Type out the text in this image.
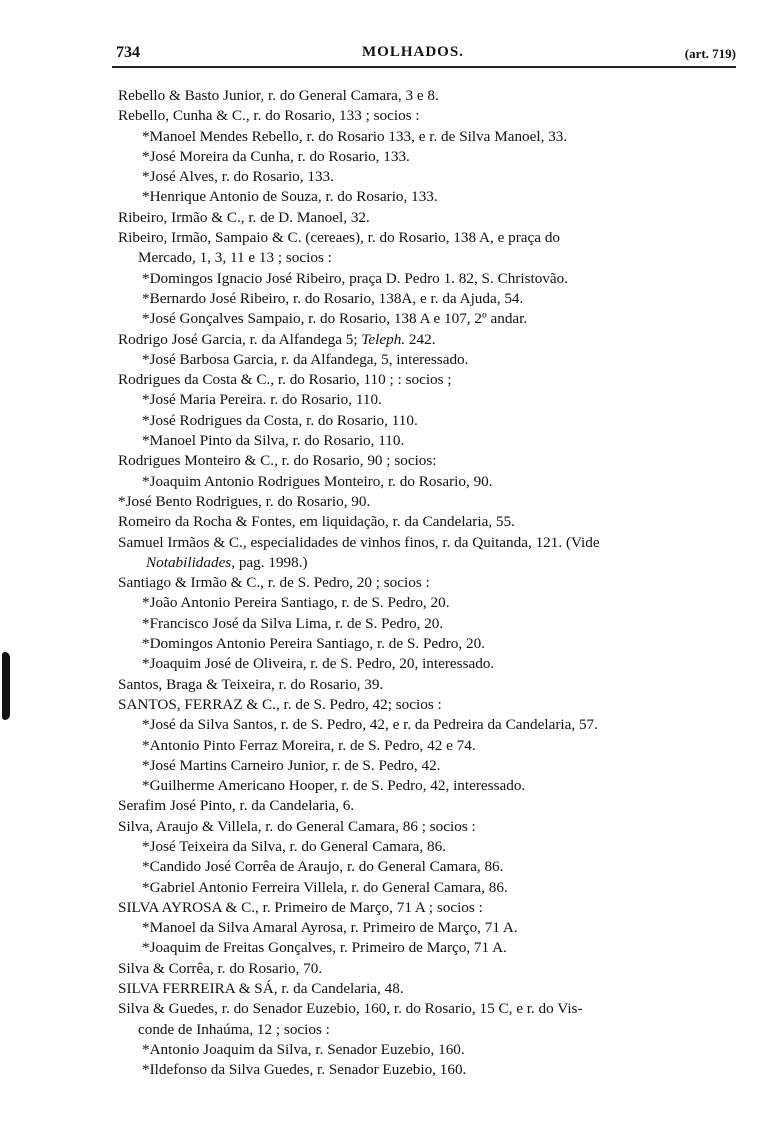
734	MOLHADOS.	(art. 719)
Rebello & Basto Junior, r. do General Camara, 3 e 8.
Rebello, Cunha & C., r. do Rosario, 133 ; socios :
*Manoel Mendes Rebello, r. do Rosario 133, e r. de Silva Manoel, 33.
*José Moreira da Cunha, r. do Rosario, 133.
*José Alves, r. do Rosario, 133.
*Henrique Antonio de Souza, r. do Rosario, 133.
Ribeiro, Irmão & C., r. de D. Manoel, 32.
Ribeiro, Irmão, Sampaio & C. (cereaes), r. do Rosario, 138 A, e praça do
Mercado, 1, 3, 11 e 13 ; socios :
*Domingos Ignacio José Ribeiro, praça D. Pedro 1. 82, S. Christovão.
*Bernardo José Ribeiro, r. do Rosario, 138A, e r. da Ajuda, 54.
*José Gonçalves Sampaio, r. do Rosario, 138 A e 107, 2º andar.
Rodrigo José Garcia, r. da Alfandega 5; Teleph. 242.
*José Barbosa Garcia, r. da Alfandega, 5, interessado.
Rodrigues da Costa & C., r. do Rosario, 110 ; : socios ;
*José Maria Pereira. r. do Rosario, 110.
*José Rodrigues da Costa, r. do Rosario, 110.
*Manoel Pinto da Silva, r. do Rosario, 110.
Rodrigues Monteiro & C., r. do Rosario, 90 ; socios:
*Joaquim Antonio Rodrigues Monteiro, r. do Rosario, 90.
*José Bento Rodrigues, r. do Rosario, 90.
Romeiro da Rocha & Fontes, em liquidação, r. da Candelaria, 55.
Samuel Irmãos & C., especialidades de vinhos finos, r. da Quitanda, 121. (Vide
Notabilidades, pag. 1998.)
Santiago & Irmão & C., r. de S. Pedro, 20 ; socios :
*João Antonio Pereira Santiago, r. de S. Pedro, 20.
*Francisco José da Silva Lima, r. de S. Pedro, 20.
*Domingos Antonio Pereira Santiago, r. de S. Pedro, 20.
*Joaquim José de Oliveira, r. de S. Pedro, 20, interessado.
Santos, Braga & Teixeira, r. do Rosario, 39.
SANTOS, FERRAZ & C., r. de S. Pedro, 42; socios :
*José da Silva Santos, r. de S. Pedro, 42, e r. da Pedreira da Candelaria, 57.
*Antonio Pinto Ferraz Moreira, r. de S. Pedro, 42 e 74.
*José Martins Carneiro Junior, r. de S. Pedro, 42.
*Guilherme Americano Hooper, r. de S. Pedro, 42, interessado.
Serafim José Pinto, r. da Candelaria, 6.
Silva, Araujo & Villela, r. do General Camara, 86 ; socios :
*José Teixeira da Silva, r. do General Camara, 86.
*Candido José Corrêa de Araujo, r. do General Camara, 86.
*Gabriel Antonio Ferreira Villela, r. do General Camara, 86.
SILVA AYROSA & C., r. Primeiro de Março, 71 A ; socios :
*Manoel da Silva Amaral Ayrosa, r. Primeiro de Março, 71 A.
*Joaquim de Freitas Gonçalves, r. Primeiro de Março, 71 A.
Silva & Corrêa, r. do Rosario, 70.
SILVA FERREIRA & SÁ, r. da Candelaria, 48.
Silva & Guedes, r. do Senador Euzebio, 160, r. do Rosario, 15 C, e r. do Vis-
conde de Inhaúma, 12 ; socios :
*Antonio Joaquim da Silva, r. Senador Euzebio, 160.
*Ildefonso da Silva Guedes, r. Senador Euzebio, 160.
